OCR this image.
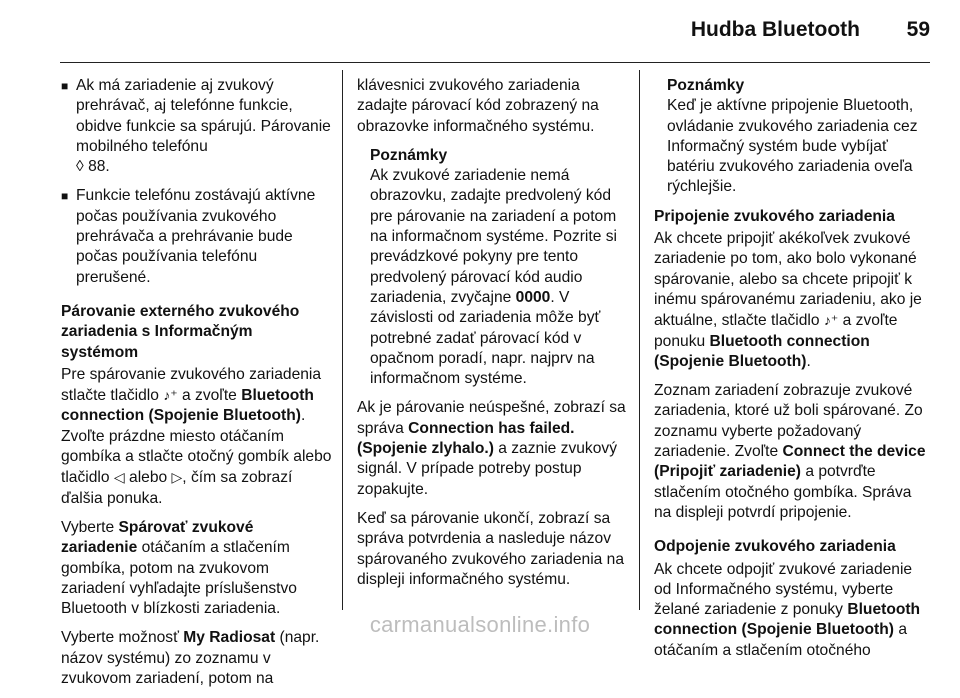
Hudba Bluetooth	59
■ Ak má zariadenie aj zvukový prehrávač, aj telefónne funkcie, obidve funkcie sa spárujú. Párovanie mobilného telefónu
◊ 88.
■ Funkcie telefónu zostávajú aktívne počas používania zvukového prehrávača a prehrávanie bude počas používania telefónu prerušené.
Párovanie externého zvukového zariadenia s Informačným systémom

Pre spárovanie zvukového zariadenia stlačte tlačidlo ♪⁺ a zvoľte Bluetooth connection (Spojenie Bluetooth). Zvoľte prázdne miesto otáčaním gombíka a stlačte otočný gombík alebo tlačidlo ◁ alebo ▷, čím sa zobrazí ďalšia ponuka.

Vyberte Spárovať zvukové zariadenie otáčaním a stlačením gombíka, potom na zvukovom zariadení vyhľadajte príslušenstvo Bluetooth v blízkosti zariadenia.

Vyberte možnosť My Radiosat (napr. názov systému) zo zoznamu v zvukovom zariadení, potom na

klávesnici zvukového zariadenia zadajte párovací kód zobrazený na obrazovke informačného systému.

Poznámky

Ak zvukové zariadenie nemá obrazovku, zadajte predvolený kód pre párovanie na zariadení a potom na informačnom systéme. Pozrite si prevádzkové pokyny pre tento predvolený párovací kód audio zariadenia, zvyčajne 0000. V závislosti od zariadenia môže byť potrebné zadať párovací kód v opačnom poradí, napr. najprv na informačnom systéme.

Ak je párovanie neúspešné, zobrazí sa správa Connection has failed. (Spojenie zlyhalo.) a zaznie zvukový signál. V prípade potreby postup zopakujte.

Keď sa párovanie ukončí, zobrazí sa správa potvrdenia a nasleduje názov spárovaného zvukového zariadenia na displeji informačného systému.

Poznámky

Keď je aktívne pripojenie Bluetooth, ovládanie zvukového zariadenia cez Informačný systém bude vybíjať batériu zvukového zariadenia oveľa rýchlejšie.

Pripojenie zvukového zariadenia

Ak chcete pripojiť akékoľvek zvukové zariadenie po tom, ako bolo vykonané spárovanie, alebo sa chcete pripojiť k inému spárovanému zariadeniu, ako je aktuálne, stlačte tlačidlo ♪⁺ a zvoľte ponuku Bluetooth connection (Spojenie Bluetooth).

Zoznam zariadení zobrazuje zvukové zariadenia, ktoré už boli spárované. Zo zoznamu vyberte požadovaný zariadenie. Zvoľte Connect the device (Pripojiť zariadenie) a potvrďte stlačením otočného gombíka. Správa na displeji potvrdí pripojenie.

Odpojenie zvukového zariadenia

Ak chcete odpojiť zvukové zariadenie od Informačného systému, vyberte želané zariadenie z ponuky Bluetooth connection (Spojenie Bluetooth) a otáčaním a stlačením otočného

carmanualsonline.info
